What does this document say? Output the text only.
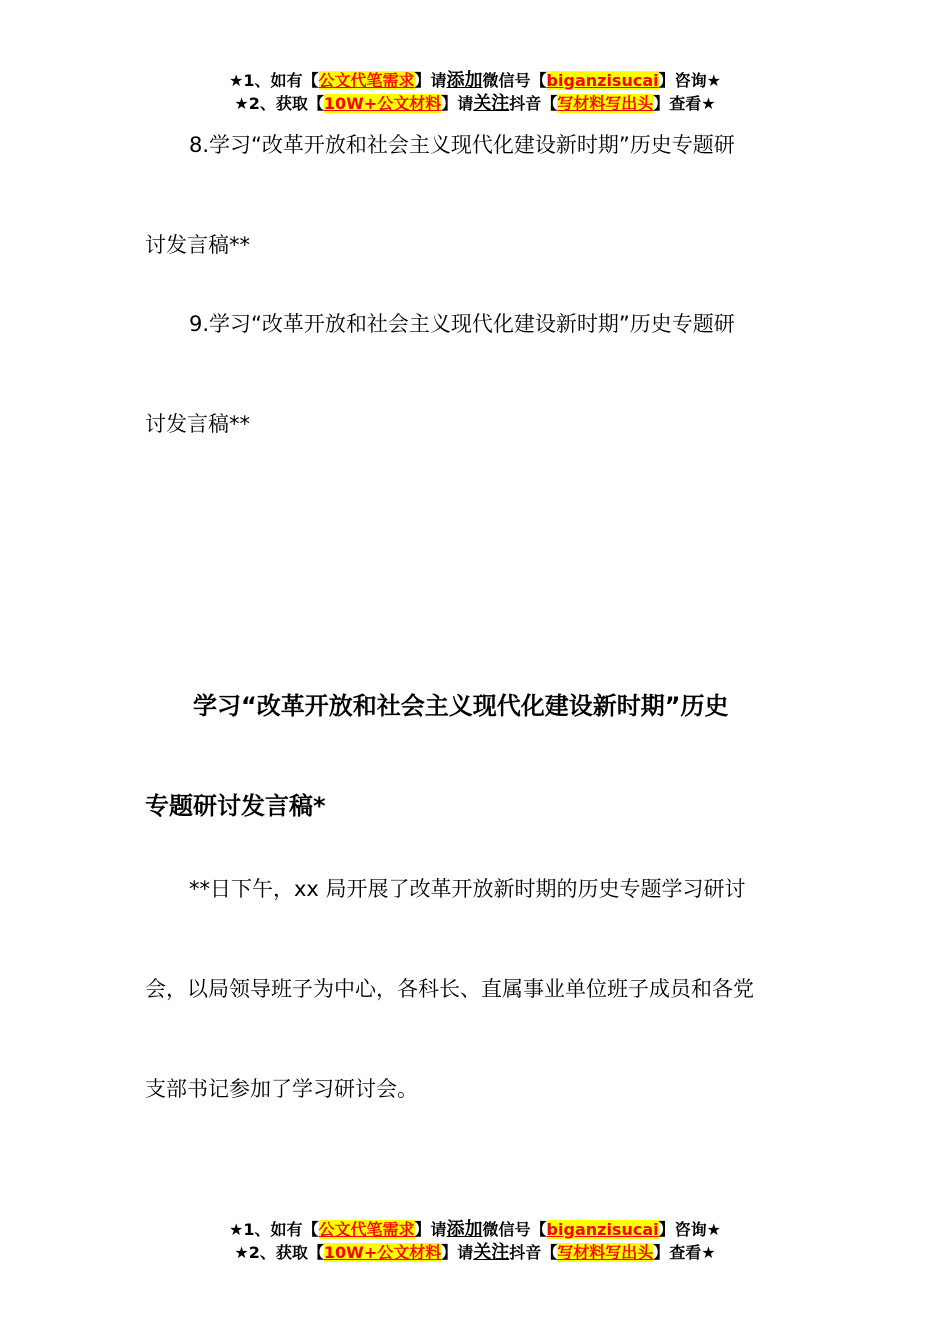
★1、如有【公文代笔需求】请添加微信号【biganzisucai】咨询★
★2、获取【10W+公文材料】请关注抖音【写材料写出头】查看★
8.学习“改革开放和社会主义现代化建设新时期”历史专题研
讨发言稿**
9.学习“改革开放和社会主义现代化建设新时期”历史专题研
讨发言稿**
学习“改革开放和社会主义现代化建设新时期”历史
专题研讨发言稿*
**日下午，xx 局开展了改革开放新时期的历史专题学习研讨
会，以局领导班子为中心，各科长、直属事业单位班子成员和各党
支部书记参加了学习研讨会。
★1、如有【公文代笔需求】请添加微信号【biganzisucai】咨询★
★2、获取【10W+公文材料】请关注抖音【写材料写出头】查看★
